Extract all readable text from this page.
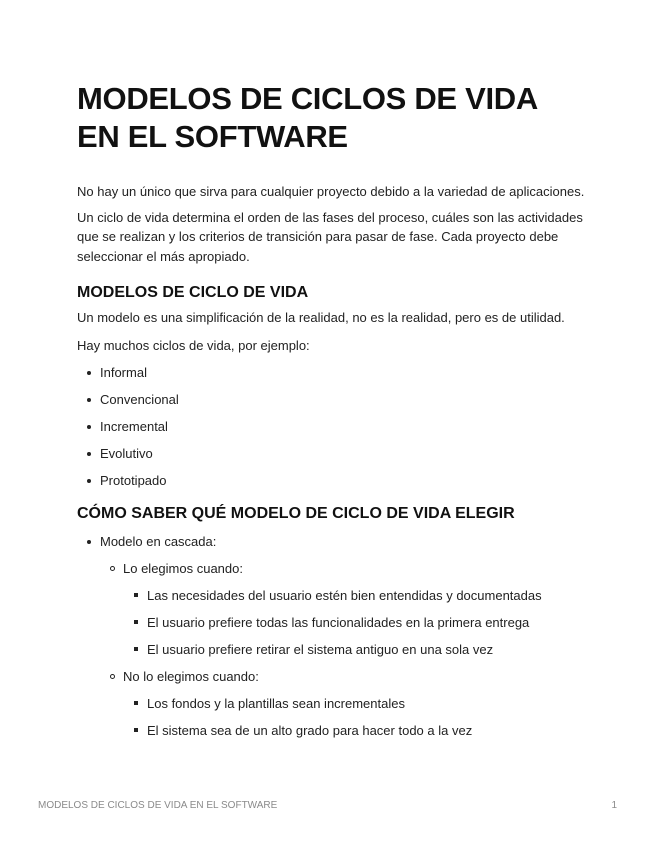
MODELOS DE CICLOS DE VIDA
EN EL SOFTWARE

No hay un único que sirva para cualquier proyecto debido a la variedad de aplicaciones.

Un ciclo de vida determina el orden de las fases del proceso, cuáles son las actividades que se realizan y los criterios de transición para pasar de fase. Cada proyecto debe seleccionar el más apropiado.

MODELOS DE CICLO DE VIDA

Un modelo es una simplificación de la realidad, no es la realidad, pero es de utilidad.

Hay muchos ciclos de vida, por ejemplo:

Informal
Convencional
Incremental
Evolutivo
Prototipado
CÓMO SABER QUÉ MODELO DE CICLO DE VIDA ELEGIR
Modelo en cascada:
Lo elegimos cuando:
Las necesidades del usuario estén bien entendidas y documentadas
El usuario prefiere todas las funcionalidades en la primera entrega
El usuario prefiere retirar el sistema antiguo en una sola vez
No lo elegimos cuando:
Los fondos y la plantillas sean incrementales
El sistema sea de un alto grado para hacer todo a la vez
MODELOS DE CICLOS DE VIDA EN EL SOFTWARE	1
